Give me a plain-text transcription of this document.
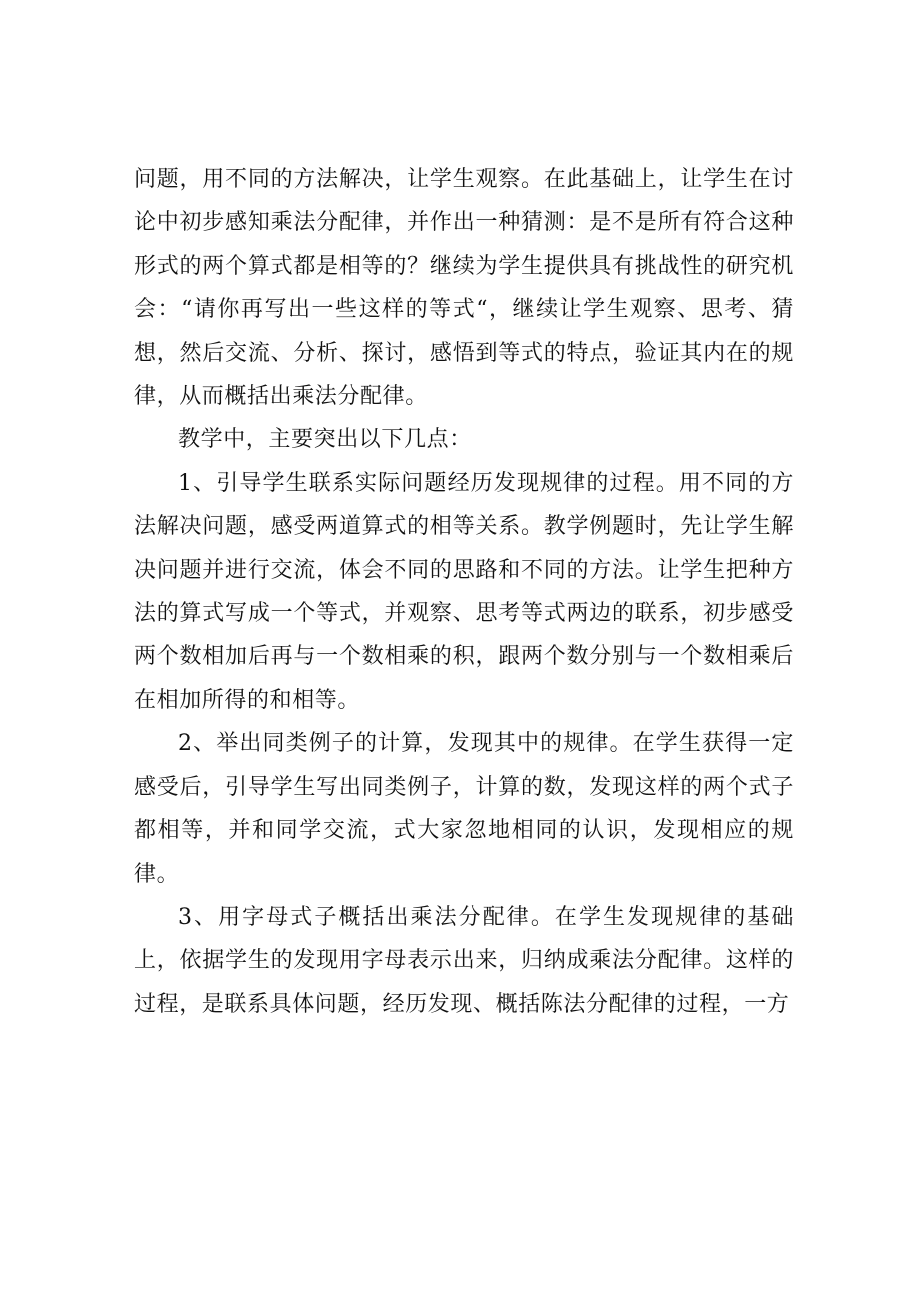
问题，用不同的方法解决，让学生观察。在此基础上，让学生在讨论中初步感知乘法分配律，并作出一种猜测：是不是所有符合这种形式的两个算式都是相等的？继续为学生提供具有挑战性的研究机会：“请你再写出一些这样的等式“，继续让学生观察、思考、猜想，然后交流、分析、探讨，感悟到等式的特点，验证其内在的规律，从而概括出乘法分配律。

教学中，主要突出以下几点：

1、引导学生联系实际问题经历发现规律的过程。用不同的方法解决问题，感受两道算式的相等关系。教学例题时，先让学生解决问题并进行交流，体会不同的思路和不同的方法。让学生把种方法的算式写成一个等式，并观察、思考等式两边的联系，初步感受两个数相加后再与一个数相乘的积，跟两个数分别与一个数相乘后在相加所得的和相等。

2、举出同类例子的计算，发现其中的规律。在学生获得一定感受后，引导学生写出同类例子，计算的数，发现这样的两个式子都相等，并和同学交流，式大家忽地相同的认识，发现相应的规律。

3、用字母式子概括出乘法分配律。在学生发现规律的基础上，依据学生的发现用字母表示出来，归纳成乘法分配律。这样的过程，是联系具体问题，经历发现、概括陈法分配律的过程，一方
